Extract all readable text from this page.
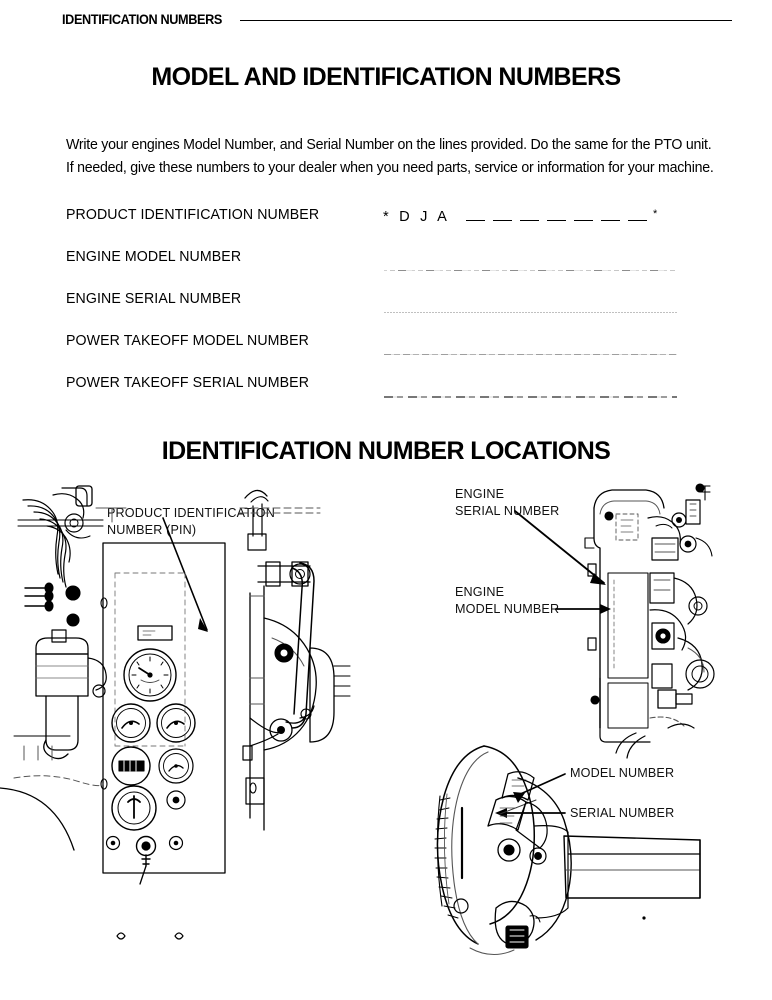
IDENTIFICATION NUMBERS
MODEL AND IDENTIFICATION NUMBERS

Write your engines Model Number, and Serial Number on the lines provided. Do the same for the PTO unit. If needed, give these numbers to your dealer when you need parts, service or information for your machine.

PRODUCT IDENTIFICATION NUMBER	* D J A	*
ENGINE MODEL NUMBER
ENGINE SERIAL NUMBER
POWER TAKEOFF MODEL NUMBER
POWER TAKEOFF SERIAL NUMBER
IDENTIFICATION NUMBER LOCATIONS
PRODUCT IDENTIFICATION
NUMBER (PIN)
ENGINE
SERIAL NUMBER
ENGINE
MODEL NUMBER
MODEL NUMBER
SERIAL NUMBER
